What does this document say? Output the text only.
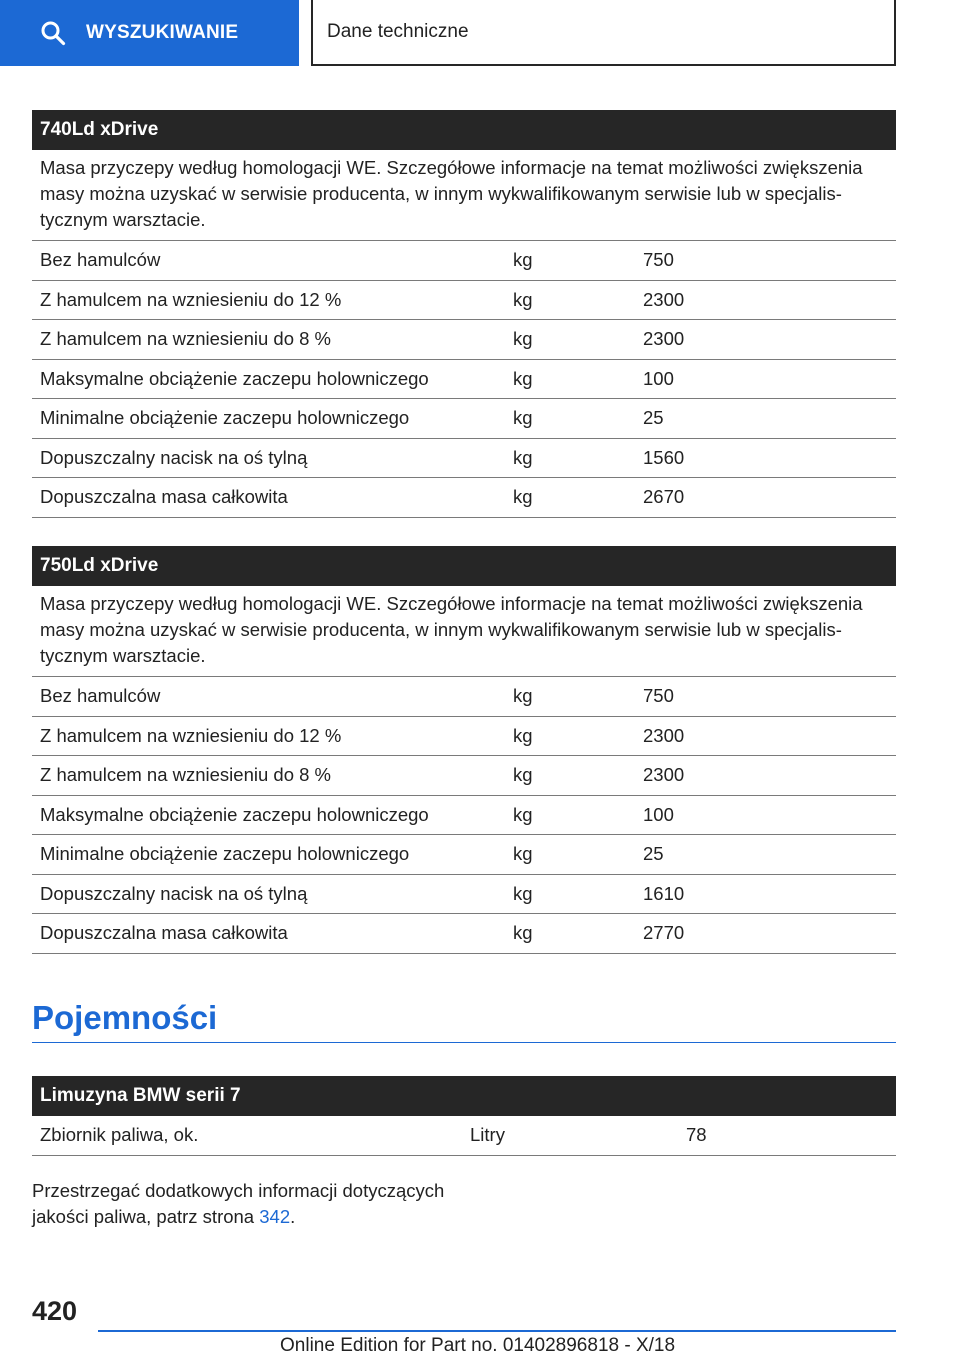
WYSZUKIWANIE	Dane techniczne
740Ld xDrive
Masa przyczepy według homologacji WE. Szczegółowe informacje na temat możliwości zwiększenia masy można uzyskać w serwisie producenta, w innym wykwalifikowanym serwisie lub w specjalistycznym warsztacie.
Bez hamulców	kg	750
Z hamulcem na wzniesieniu do 12 %	kg	2300
Z hamulcem na wzniesieniu do 8 %	kg	2300
Maksymalne obciążenie zaczepu holowniczego	kg	100
Minimalne obciążenie zaczepu holowniczego	kg	25
Dopuszczalny nacisk na oś tylną	kg	1560
Dopuszczalna masa całkowita	kg	2670
750Ld xDrive
Masa przyczepy według homologacji WE. Szczegółowe informacje na temat możliwości zwiększenia masy można uzyskać w serwisie producenta, w innym wykwalifikowanym serwisie lub w specjalistycznym warsztacie.
Bez hamulców	kg	750
Z hamulcem na wzniesieniu do 12 %	kg	2300
Z hamulcem na wzniesieniu do 8 %	kg	2300
Maksymalne obciążenie zaczepu holowniczego	kg	100
Minimalne obciążenie zaczepu holowniczego	kg	25
Dopuszczalny nacisk na oś tylną	kg	1610
Dopuszczalna masa całkowita	kg	2770
Pojemności
Limuzyna BMW serii 7
Zbiornik paliwa, ok.	Litry	78

Przestrzegać dodatkowych informacji dotyczących jakości paliwa, patrz strona 342.

420
Online Edition for Part no. 01402896818 - X/18
